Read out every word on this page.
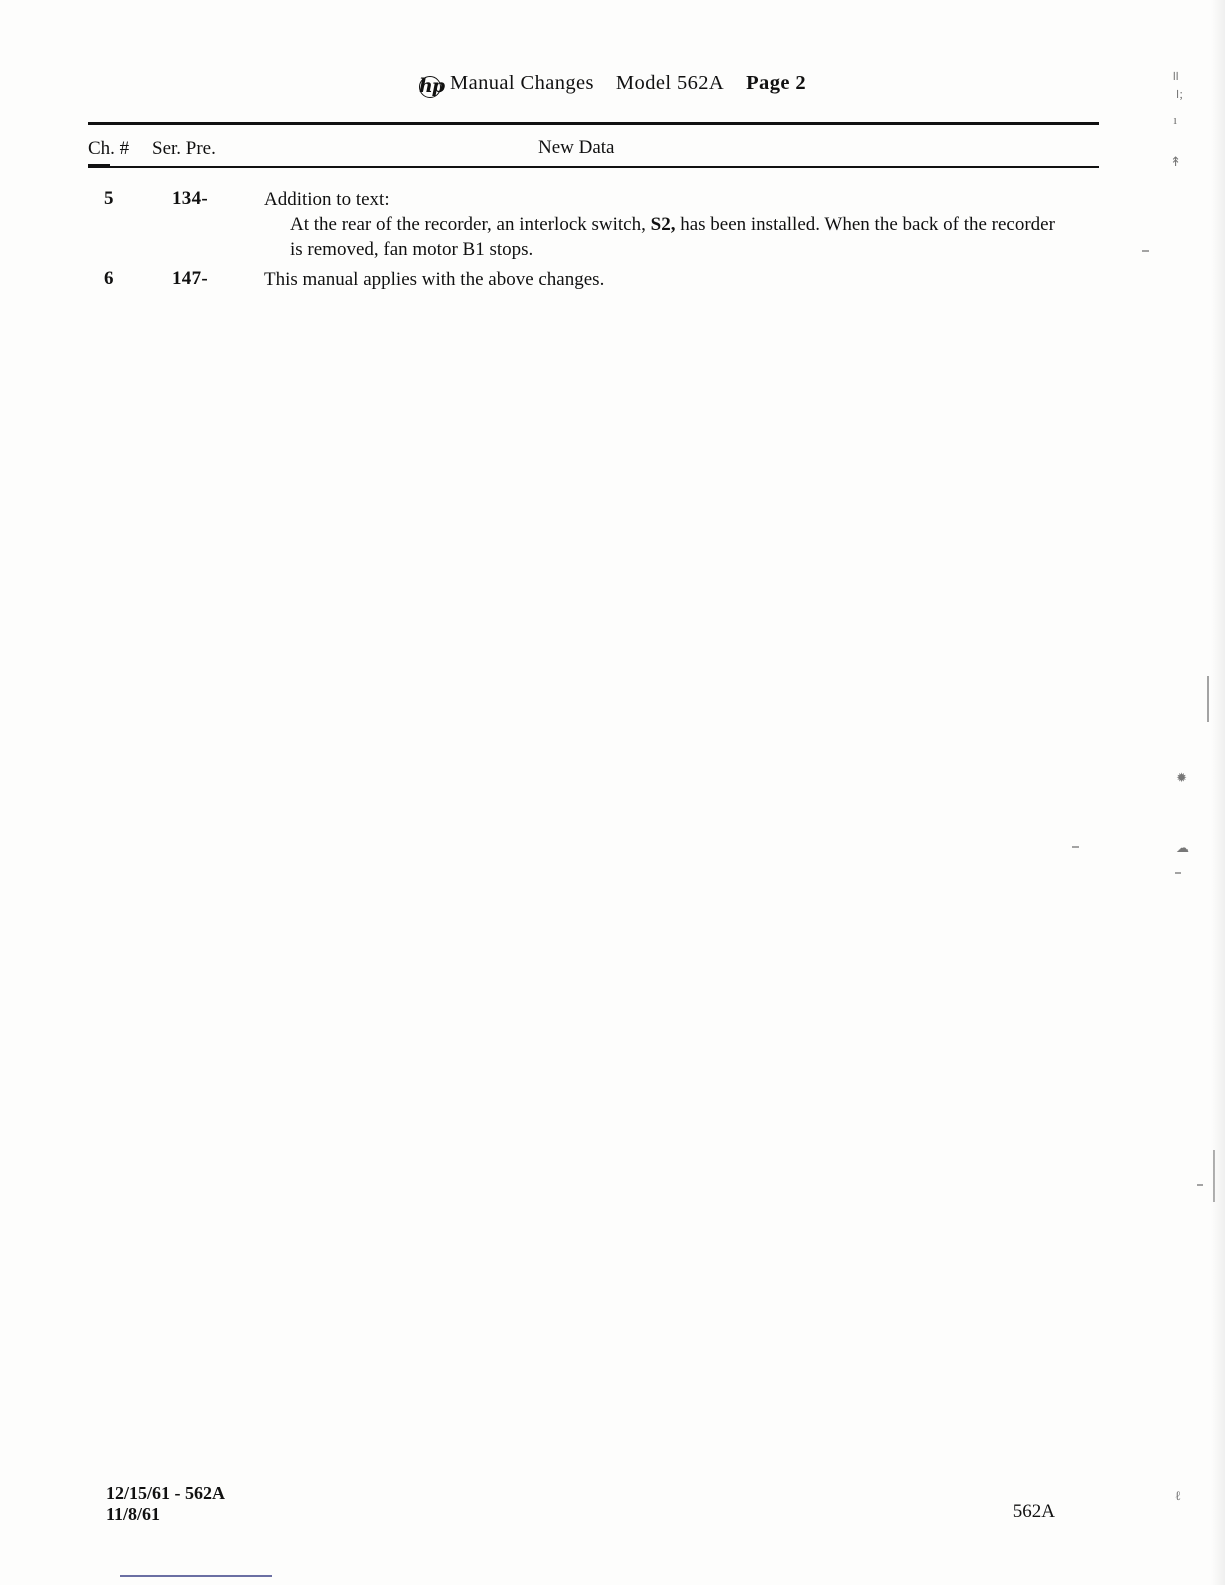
hp Manual Changes Model 562A Page 2
Ch. # Ser. Pre.	New Data
5	134-	Addition to text:
At the rear of the recorder, an interlock switch, S2, has been installed. When the back of the recorder is removed, fan motor B1 stops.
6	147-	This manual applies with the above changes.
12/15/61 - 562A
11/8/61	562A
॥
।;
ı
↟
✹
☁
ℓ
